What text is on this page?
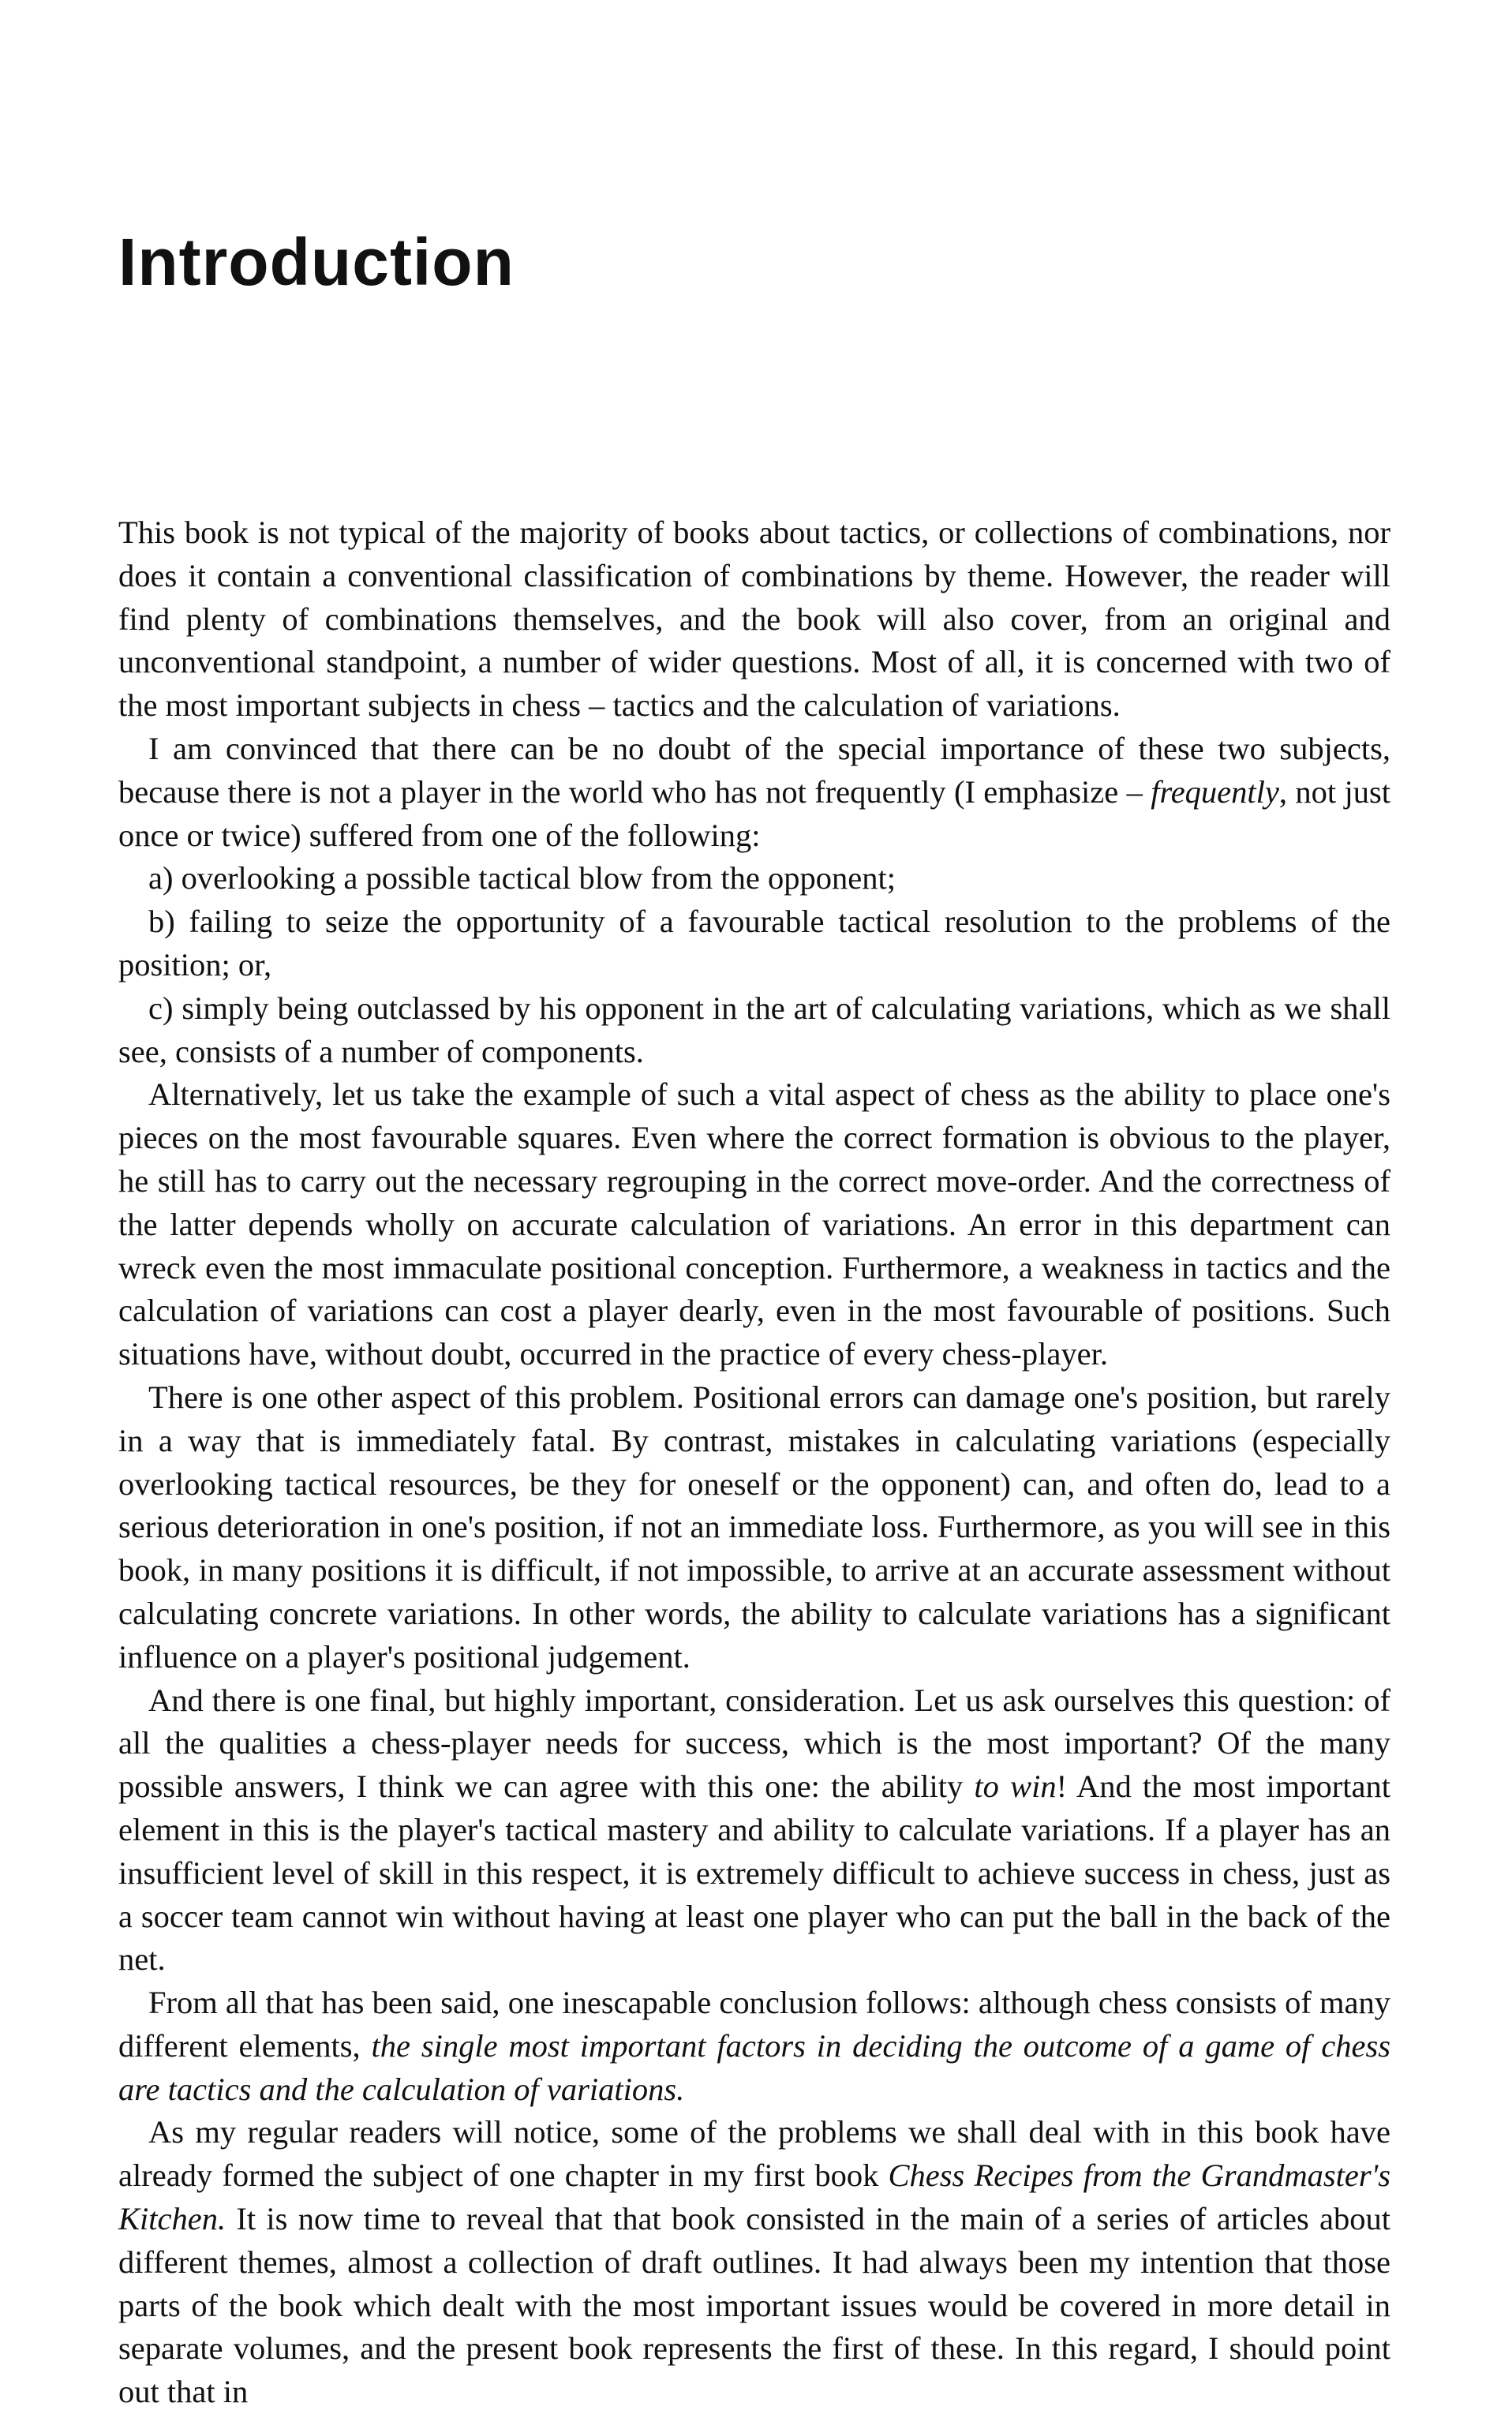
Introduction

This book is not typical of the majority of books about tactics, or collections of combinations, nor does it contain a conventional classification of combinations by theme. However, the reader will find plenty of combinations themselves, and the book will also cover, from an original and unconventional standpoint, a number of wider questions. Most of all, it is concerned with two of the most important subjects in chess – tactics and the calculation of variations.

I am convinced that there can be no doubt of the special importance of these two subjects, because there is not a player in the world who has not frequently (I emphasize – frequently, not just once or twice) suffered from one of the following:

a) overlooking a possible tactical blow from the opponent;

b) failing to seize the opportunity of a favourable tactical resolution to the problems of the position; or,

c) simply being outclassed by his opponent in the art of calculating variations, which as we shall see, consists of a number of components.

Alternatively, let us take the example of such a vital aspect of chess as the ability to place one's pieces on the most favourable squares. Even where the correct formation is obvious to the player, he still has to carry out the necessary regrouping in the correct move-order. And the correctness of the latter depends wholly on accurate calculation of variations. An error in this department can wreck even the most immaculate positional conception. Furthermore, a weakness in tactics and the calculation of variations can cost a player dearly, even in the most favourable of positions. Such situations have, without doubt, occurred in the practice of every chess-player.

There is one other aspect of this problem. Positional errors can damage one's position, but rarely in a way that is immediately fatal. By contrast, mistakes in calculating variations (especially overlooking tactical resources, be they for oneself or the opponent) can, and often do, lead to a serious deterioration in one's position, if not an immediate loss. Furthermore, as you will see in this book, in many positions it is difficult, if not impossible, to arrive at an accurate assessment without calculating concrete variations. In other words, the ability to calculate variations has a significant influence on a player's positional judgement.

And there is one final, but highly important, consideration. Let us ask ourselves this question: of all the qualities a chess-player needs for success, which is the most important? Of the many possible answers, I think we can agree with this one: the ability to win! And the most important element in this is the player's tactical mastery and ability to calculate variations. If a player has an insufficient level of skill in this respect, it is extremely difficult to achieve success in chess, just as a soccer team cannot win without having at least one player who can put the ball in the back of the net.

From all that has been said, one inescapable conclusion follows: although chess consists of many different elements, the single most important factors in deciding the outcome of a game of chess are tactics and the calculation of variations.

As my regular readers will notice, some of the problems we shall deal with in this book have already formed the subject of one chapter in my first book Chess Recipes from the Grandmaster's Kitchen. It is now time to reveal that that book consisted in the main of a series of articles about different themes, almost a collection of draft outlines. It had always been my intention that those parts of the book which dealt with the most important issues would be covered in more detail in separate volumes, and the present book represents the first of these. In this regard, I should point out that in
